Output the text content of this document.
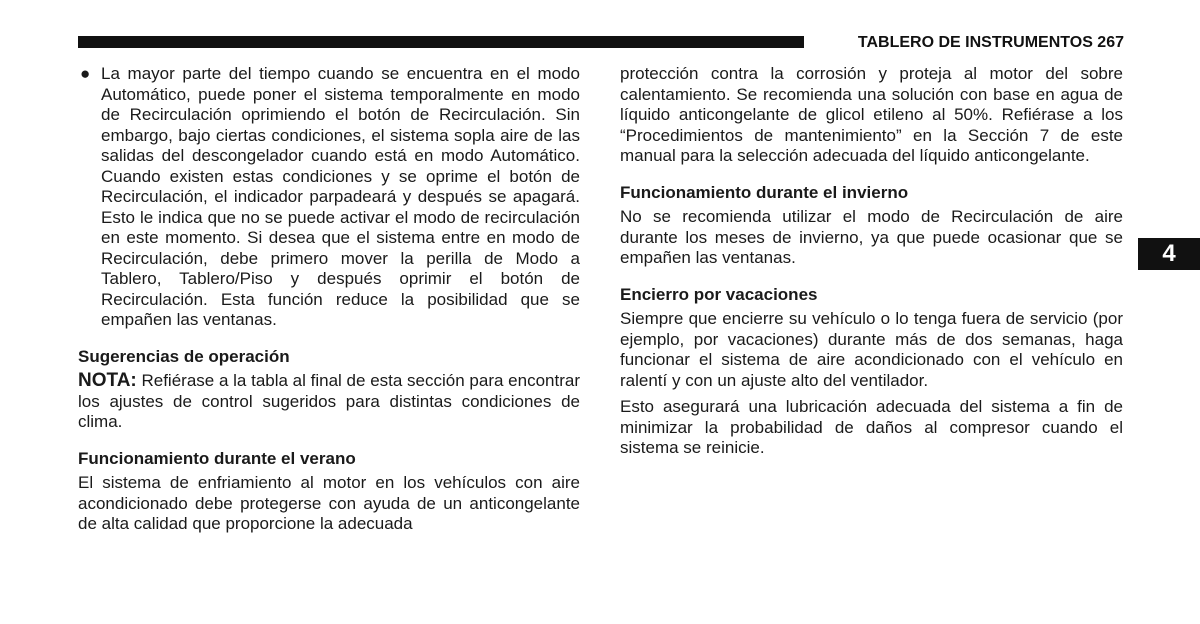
TABLERO DE INSTRUMENTOS 267

● La mayor parte del tiempo cuando se encuentra en el modo Automático, puede poner el sistema temporalmente en modo de Recirculación oprimiendo el botón de Recirculación. Sin embargo, bajo ciertas condiciones, el sistema sopla aire de las salidas del descongelador cuando está en modo Automático. Cuando existen estas condiciones y se oprime el botón de Recirculación, el indicador parpadeará y después se apagará. Esto le indica que no se puede activar el modo de recirculación en este momento. Si desea que el sistema entre en modo de Recirculación, debe primero mover la perilla de Modo a Tablero, Tablero/Piso y después oprimir el botón de Recirculación. Esta función reduce la posibilidad que se empañen las ventanas.

Sugerencias de operación

NOTA: Refiérase a la tabla al final de esta sección para encontrar los ajustes de control sugeridos para distintas condiciones de clima.

Funcionamiento durante el verano

El sistema de enfriamiento al motor en los vehículos con aire acondicionado debe protegerse con ayuda de un anticongelante de alta calidad que proporcione la adecuada

protección contra la corrosión y proteja al motor del sobre calentamiento. Se recomienda una solución con base en agua de líquido anticongelante de glicol etileno al 50%. Refiérase a los “Procedimientos de mantenimiento” en la Sección 7 de este manual para la selección adecuada del líquido anticongelante.

Funcionamiento durante el invierno

No se recomienda utilizar el modo de Recirculación de aire durante los meses de invierno, ya que puede ocasionar que se empañen las ventanas.

Encierro por vacaciones

Siempre que encierre su vehículo o lo tenga fuera de servicio (por ejemplo, por vacaciones) durante más de dos semanas, haga funcionar el sistema de aire acondicionado con el vehículo en ralentí y con un ajuste alto del ventilador.

Esto asegurará una lubricación adecuada del sistema a fin de minimizar la probabilidad de daños al compresor cuando el sistema se reinicie.

4
